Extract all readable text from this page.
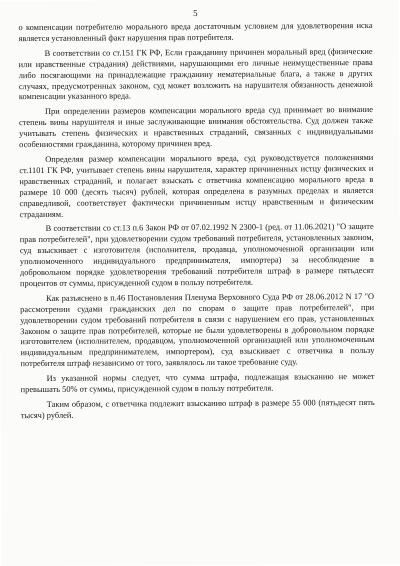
5

о компенсации потребителю морального вреда достаточным условием для удовлетворения иска является установленный факт нарушения прав потребителя.

В соответствии со ст.151 ГК РФ, Если гражданину причинен моральный вред (физические или нравственные страдания) действиями, нарушающими его личные неимущественные права либо посягающими на принадлежащие гражданину нематериальные блага, а также в других случаях, предусмотренных законом, суд может возложить на нарушителя обязанность денежной компенсации указанного вреда.

При определении размеров компенсации морального вреда суд принимает во внимание степень вины нарушителя и иные заслуживающие внимания обстоятельства. Суд должен также учитывать степень физических и нравственных страданий, связанных с индивидуальными особенностями гражданина, которому причинен вред.

Определяя размер компенсации морального вреда, суд руководствуется положениями ст.1101 ГК РФ, учитывает степень вины нарушителя, характер причиненных истцу физических и нравственных страданий, и полагает взыскать с ответчика компенсацию морального вреда в размере 10 000 (десять тысяч) рублей, которая определена в разумных пределах и является справедливой, соответствует фактически причиненным истцу нравственным и физическим страданиям.

В соответствии со ст.13 п.6 Закон РФ от 07.02.1992 N 2300-1 (ред. от 11.06.2021) "О защите прав потребителей", при удовлетворении судом требований потребителя, установленных законом, суд взыскивает с изготовителя (исполнителя, продавца, уполномоченной организации или уполномоченного индивидуального предпринимателя, импортера) за несоблюдение в добровольном порядке удовлетворения требований потребителя штраф в размере пятьдесят процентов от суммы, присужденной судом в пользу потребителя.

Как разъяснено в п.46 Постановления Пленума Верховного Суда РФ от 28.06.2012 N 17 "О рассмотрении судами гражданских дел по спорам о защите прав потребителей", при удовлетворении судом требований потребителя в связи с нарушением его прав, установленных Законом о защите прав потребителей, которые не были удовлетворены в добровольном порядке изготовителем (исполнителем, продавцом, уполномоченной организацией или уполномоченным индивидуальным предпринимателем, импортером), суд взыскивает с ответчика в пользу потребителя штраф независимо от того, заявлялось ли такое требование суду.

Из указанной нормы следует, что сумма штрафа, подлежащая взысканию не может превышать 50% от суммы, присужденной судом в пользу потребителя.

Таким образом, с ответчика подлежит взысканию штраф в размере 55 000 (пятьдесят пять тысяч) рублей.
